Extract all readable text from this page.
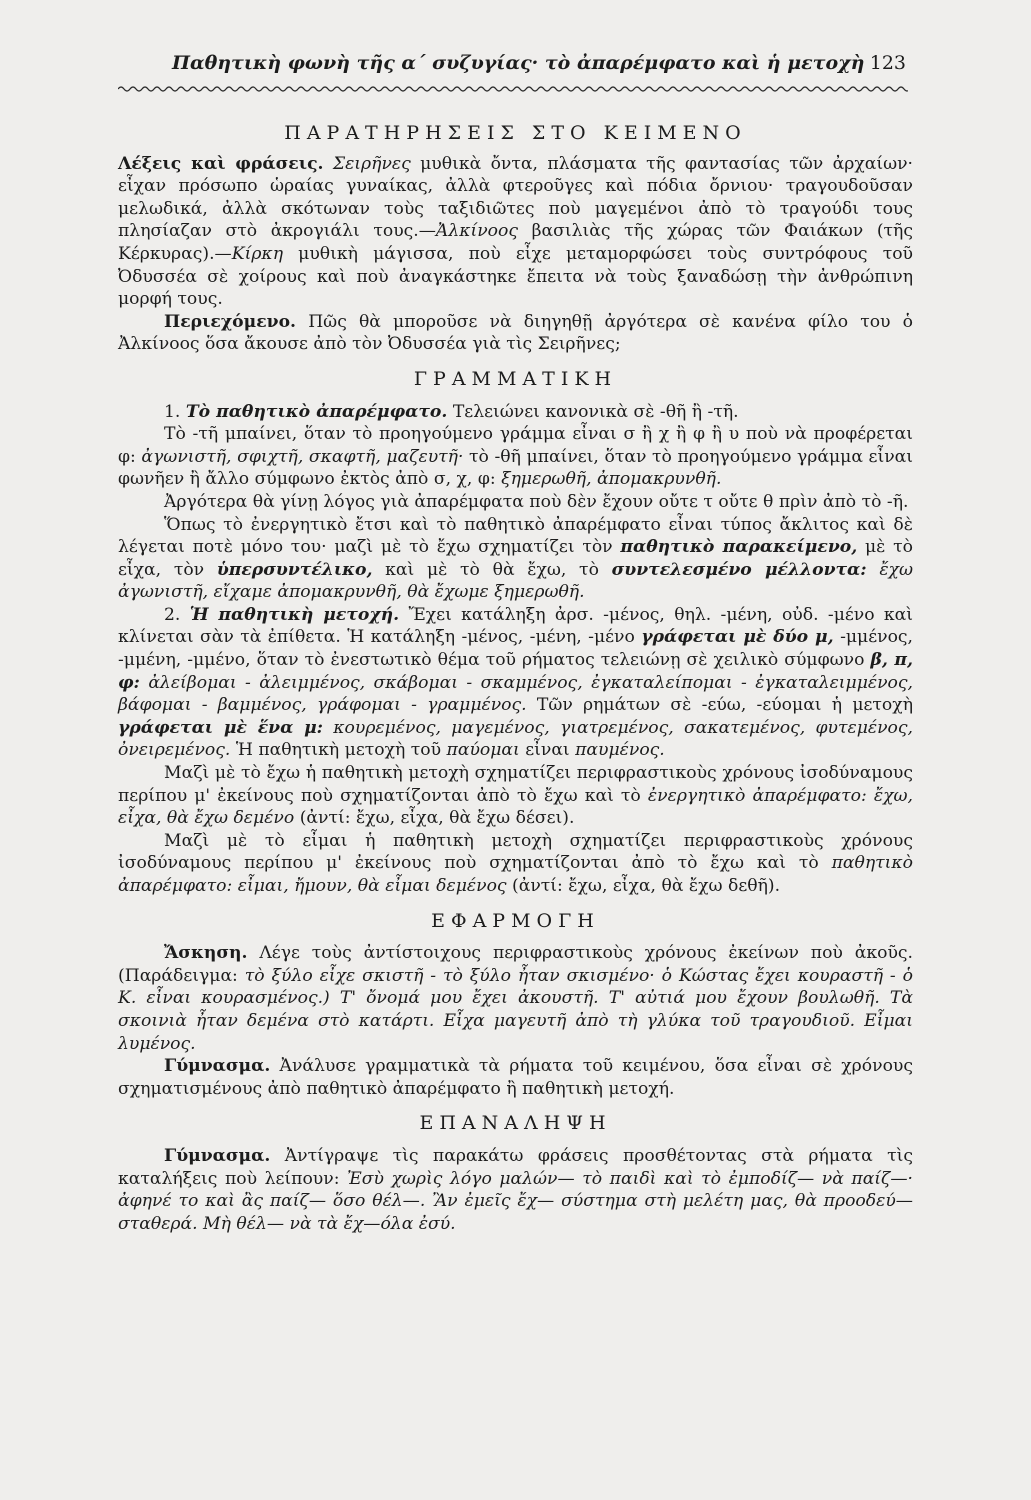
Παθητικὴ φωνὴ τῆς α΄ συζυγίας· τὸ ἀπαρέμφατο καὶ ἡ μετοχὴ 123
ΠΑΡΑΤΗΡΗΣΕΙΣ ΣΤΟ ΚΕΙΜΕΝΟ

Λέξεις καὶ φράσεις. Σειρῆνες μυθικὰ ὄντα, πλάσματα τῆς φαντασίας τῶν ἀρχαίων· εἶχαν πρόσωπο ὡραίας γυναίκας, ἀλλὰ φτεροῦγες καὶ πόδια ὄρνιου· τραγουδοῦσαν μελωδικά, ἀλλὰ σκότωναν τοὺς ταξιδιῶτες ποὺ μαγεμένοι ἀπὸ τὸ τραγούδι τους πλησίαζαν στὸ ἀκρογιάλι τους.—Ἀλκίνοος βασιλιὰς τῆς χώρας τῶν Φαιάκων (τῆς Κέρκυρας).—Κίρκη μυθικὴ μάγισσα, ποὺ εἶχε μεταμορφώσει τοὺς συντρόφους τοῦ Ὀδυσσέα σὲ χοίρους καὶ ποὺ ἀναγκάστηκε ἔπειτα νὰ τοὺς ξαναδώσῃ τὴν ἀνθρώπινη μορφή τους.

Περιεχόμενο. Πῶς θὰ μποροῦσε νὰ διηγηθῇ ἀργότερα σὲ κανένα φίλο του ὁ Ἀλκίνοος ὅσα ἄκουσε ἀπὸ τὸν Ὀδυσσέα γιὰ τὶς Σειρῆνες;

ΓΡΑΜΜΑΤΙΚΗ

1. Τὸ παθητικὸ ἀπαρέμφατο. Τελειώνει κανονικὰ σὲ -θῆ ἢ -τῆ.

Τὸ -τῆ μπαίνει, ὅταν τὸ προηγούμενο γράμμα εἶναι σ ἢ χ ἢ φ ἢ υ ποὺ νὰ προφέρεται φ: ἀγωνιστῆ, σφιχτῆ, σκαφτῆ, μαζευτῆ· τὸ -θῆ μπαίνει, ὅταν τὸ προηγούμενο γράμμα εἶναι φωνῆεν ἢ ἄλλο σύμφωνο ἐκτὸς ἀπὸ σ, χ, φ: ξημερωθῆ, ἀπομακρυνθῆ.

Ἀργότερα θὰ γίνῃ λόγος γιὰ ἀπαρέμφατα ποὺ δὲν ἔχουν οὔτε τ οὔτε θ πρὶν ἀπὸ τὸ -ῆ.

Ὅπως τὸ ἐνεργητικὸ ἔτσι καὶ τὸ παθητικὸ ἀπαρέμφατο εἶναι τύπος ἄκλιτος καὶ δὲ λέγεται ποτὲ μόνο του· μαζὶ μὲ τὸ ἔχω σχηματίζει τὸν παθητικὸ παρακείμενο, μὲ τὸ εἶχα, τὸν ὑπερσυντέλικο, καὶ μὲ τὸ θὰ ἔχω, τὸ συντελεσμένο μέλλοντα: ἔχω ἀγωνιστῆ, εἴχαμε ἀπομακρυνθῆ, θὰ ἔχωμε ξημερωθῆ.

2. Ἡ παθητικὴ μετοχή. Ἔχει κατάληξη ἀρσ. -μένος, θηλ. -μένη, οὐδ. -μένο καὶ κλίνεται σὰν τὰ ἐπίθετα. Ἡ κατάληξη -μένος, -μένη, -μένο γράφεται μὲ δύο μ, -μμένος, -μμένη, -μμένο, ὅταν τὸ ἐνεστωτικὸ θέμα τοῦ ρήματος τελειώνῃ σὲ χειλικὸ σύμφωνο β, π, φ: ἀλείβομαι - ἀλειμμένος, σκάβομαι - σκαμμένος, ἐγκαταλείπομαι - ἐγκαταλειμμένος, βάφομαι - βαμμένος, γράφομαι - γραμμένος. Τῶν ρημάτων σὲ -εύω, -εύομαι ἡ μετοχὴ γράφεται μὲ ἕνα μ: κουρεμένος, μαγεμένος, γιατρεμένος, σακατεμένος, φυτεμένος, ὀνειρεμένος. Ἡ παθητικὴ μετοχὴ τοῦ παύομαι εἶναι παυμένος.

Μαζὶ μὲ τὸ ἔχω ἡ παθητικὴ μετοχὴ σχηματίζει περιφραστικοὺς χρόνους ἰσοδύναμους περίπου μ' ἐκείνους ποὺ σχηματίζονται ἀπὸ τὸ ἔχω καὶ τὸ ἐνεργητικὸ ἀπαρέμφατο: ἔχω, εἶχα, θὰ ἔχω δεμένο (ἀντί: ἔχω, εἶχα, θὰ ἔχω δέσει).

Μαζὶ μὲ τὸ εἶμαι ἡ παθητικὴ μετοχὴ σχηματίζει περιφραστικοὺς χρόνους ἰσοδύναμους περίπου μ' ἐκείνους ποὺ σχηματίζονται ἀπὸ τὸ ἔχω καὶ τὸ παθητικὸ ἀπαρέμφατο: εἶμαι, ἤμουν, θὰ εἶμαι δεμένος (ἀντί: ἔχω, εἶχα, θὰ ἔχω δεθῆ).

ΕΦΑΡΜΟΓΗ

Ἄσκηση. Λέγε τοὺς ἀντίστοιχους περιφραστικοὺς χρόνους ἐκείνων ποὺ ἀκοῦς. (Παράδειγμα: τὸ ξύλο εἶχε σκιστῆ - τὸ ξύλο ἦταν σκισμένο· ὁ Κώστας ἔχει κουραστῆ - ὁ Κ. εἶναι κουρασμένος.) Τ' ὄνομά μου ἔχει ἀκουστῆ. Τ' αὐτιά μου ἔχουν βουλωθῆ. Τὰ σκοινιὰ ἦταν δεμένα στὸ κατάρτι. Εἶχα μαγευτῆ ἀπὸ τὴ γλύκα τοῦ τραγουδιοῦ. Εἶμαι λυμένος.

Γύμνασμα. Ἀνάλυσε γραμματικὰ τὰ ρήματα τοῦ κειμένου, ὅσα εἶναι σὲ χρόνους σχηματισμένους ἀπὸ παθητικὸ ἀπαρέμφατο ἢ παθητικὴ μετοχή.

ΕΠΑΝΑΛΗΨΗ

Γύμνασμα. Ἀντίγραψε τὶς παρακάτω φράσεις προσθέτοντας στὰ ρήματα τὶς καταλήξεις ποὺ λείπουν: Ἐσὺ χωρὶς λόγο μαλών— τὸ παιδὶ καὶ τὸ ἐμποδίζ— νὰ παίζ—· ἀφηνέ το καὶ ἂς παίζ— ὅσο θέλ—. Ἂν ἐμεῖς ἔχ— σύστημα στὴ μελέτη μας, θὰ προοδεύ— σταθερά. Μὴ θέλ— νὰ τὰ ἔχ—όλα ἐσύ.
